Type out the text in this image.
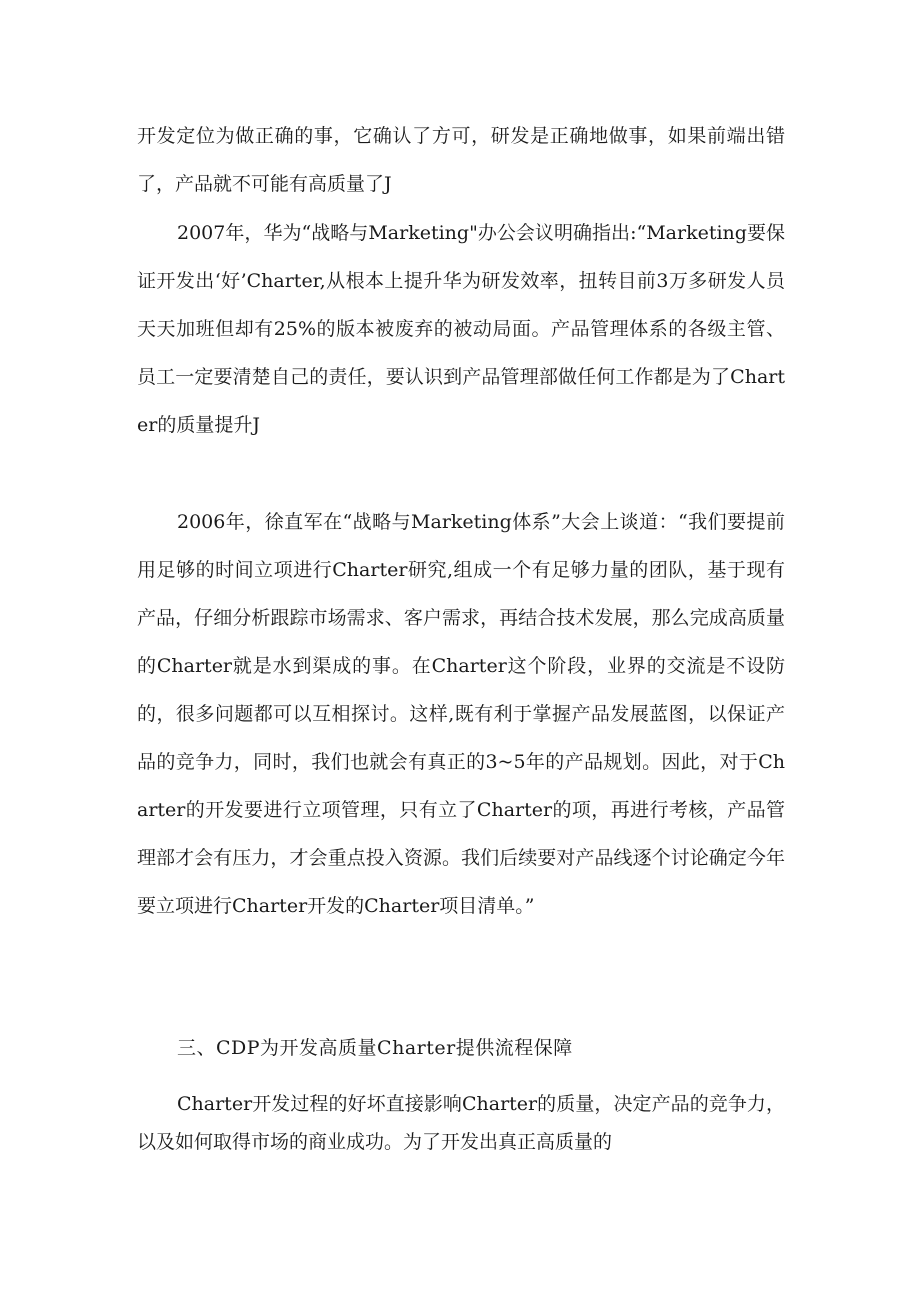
开发定位为做正确的事，它确认了方可，研发是正确地做事，如果前端出错了，产品就不可能有高质量了J

2007年，华为“战略与Marketing"办公会议明确指出:“Marketing要保证开发出‘好’Charter,从根本上提升华为研发效率，扭转目前3万多研发人员天天加班但却有25%的版本被废弃的被动局面。产品管理体系的各级主管、员工一定要清楚自己的责任，要认识到产品管理部做任何工作都是为了Charter的质量提升J

2006年，徐直军在“战略与Marketing体系”大会上谈道：“我们要提前用足够的时间立项进行Charter研究,组成一个有足够力量的团队，基于现有产品，仔细分析跟踪市场需求、客户需求，再结合技术发展，那么完成高质量的Charter就是水到渠成的事。在Charter这个阶段，业界的交流是不设防的，很多问题都可以互相探讨。这样,既有利于掌握产品发展蓝图，以保证产品的竞争力，同时，我们也就会有真正的3~5年的产品规划。因此，对于Charter的开发要进行立项管理，只有立了Charter的项，再进行考核，产品管理部才会有压力，才会重点投入资源。我们后续要对产品线逐个讨论确定今年要立项进行Charter开发的Charter项目清单。”

三、CDP为开发高质量Charter提供流程保障

Charter开发过程的好坏直接影响Charter的质量，决定产品的竞争力，以及如何取得市场的商业成功。为了开发出真正高质量的
